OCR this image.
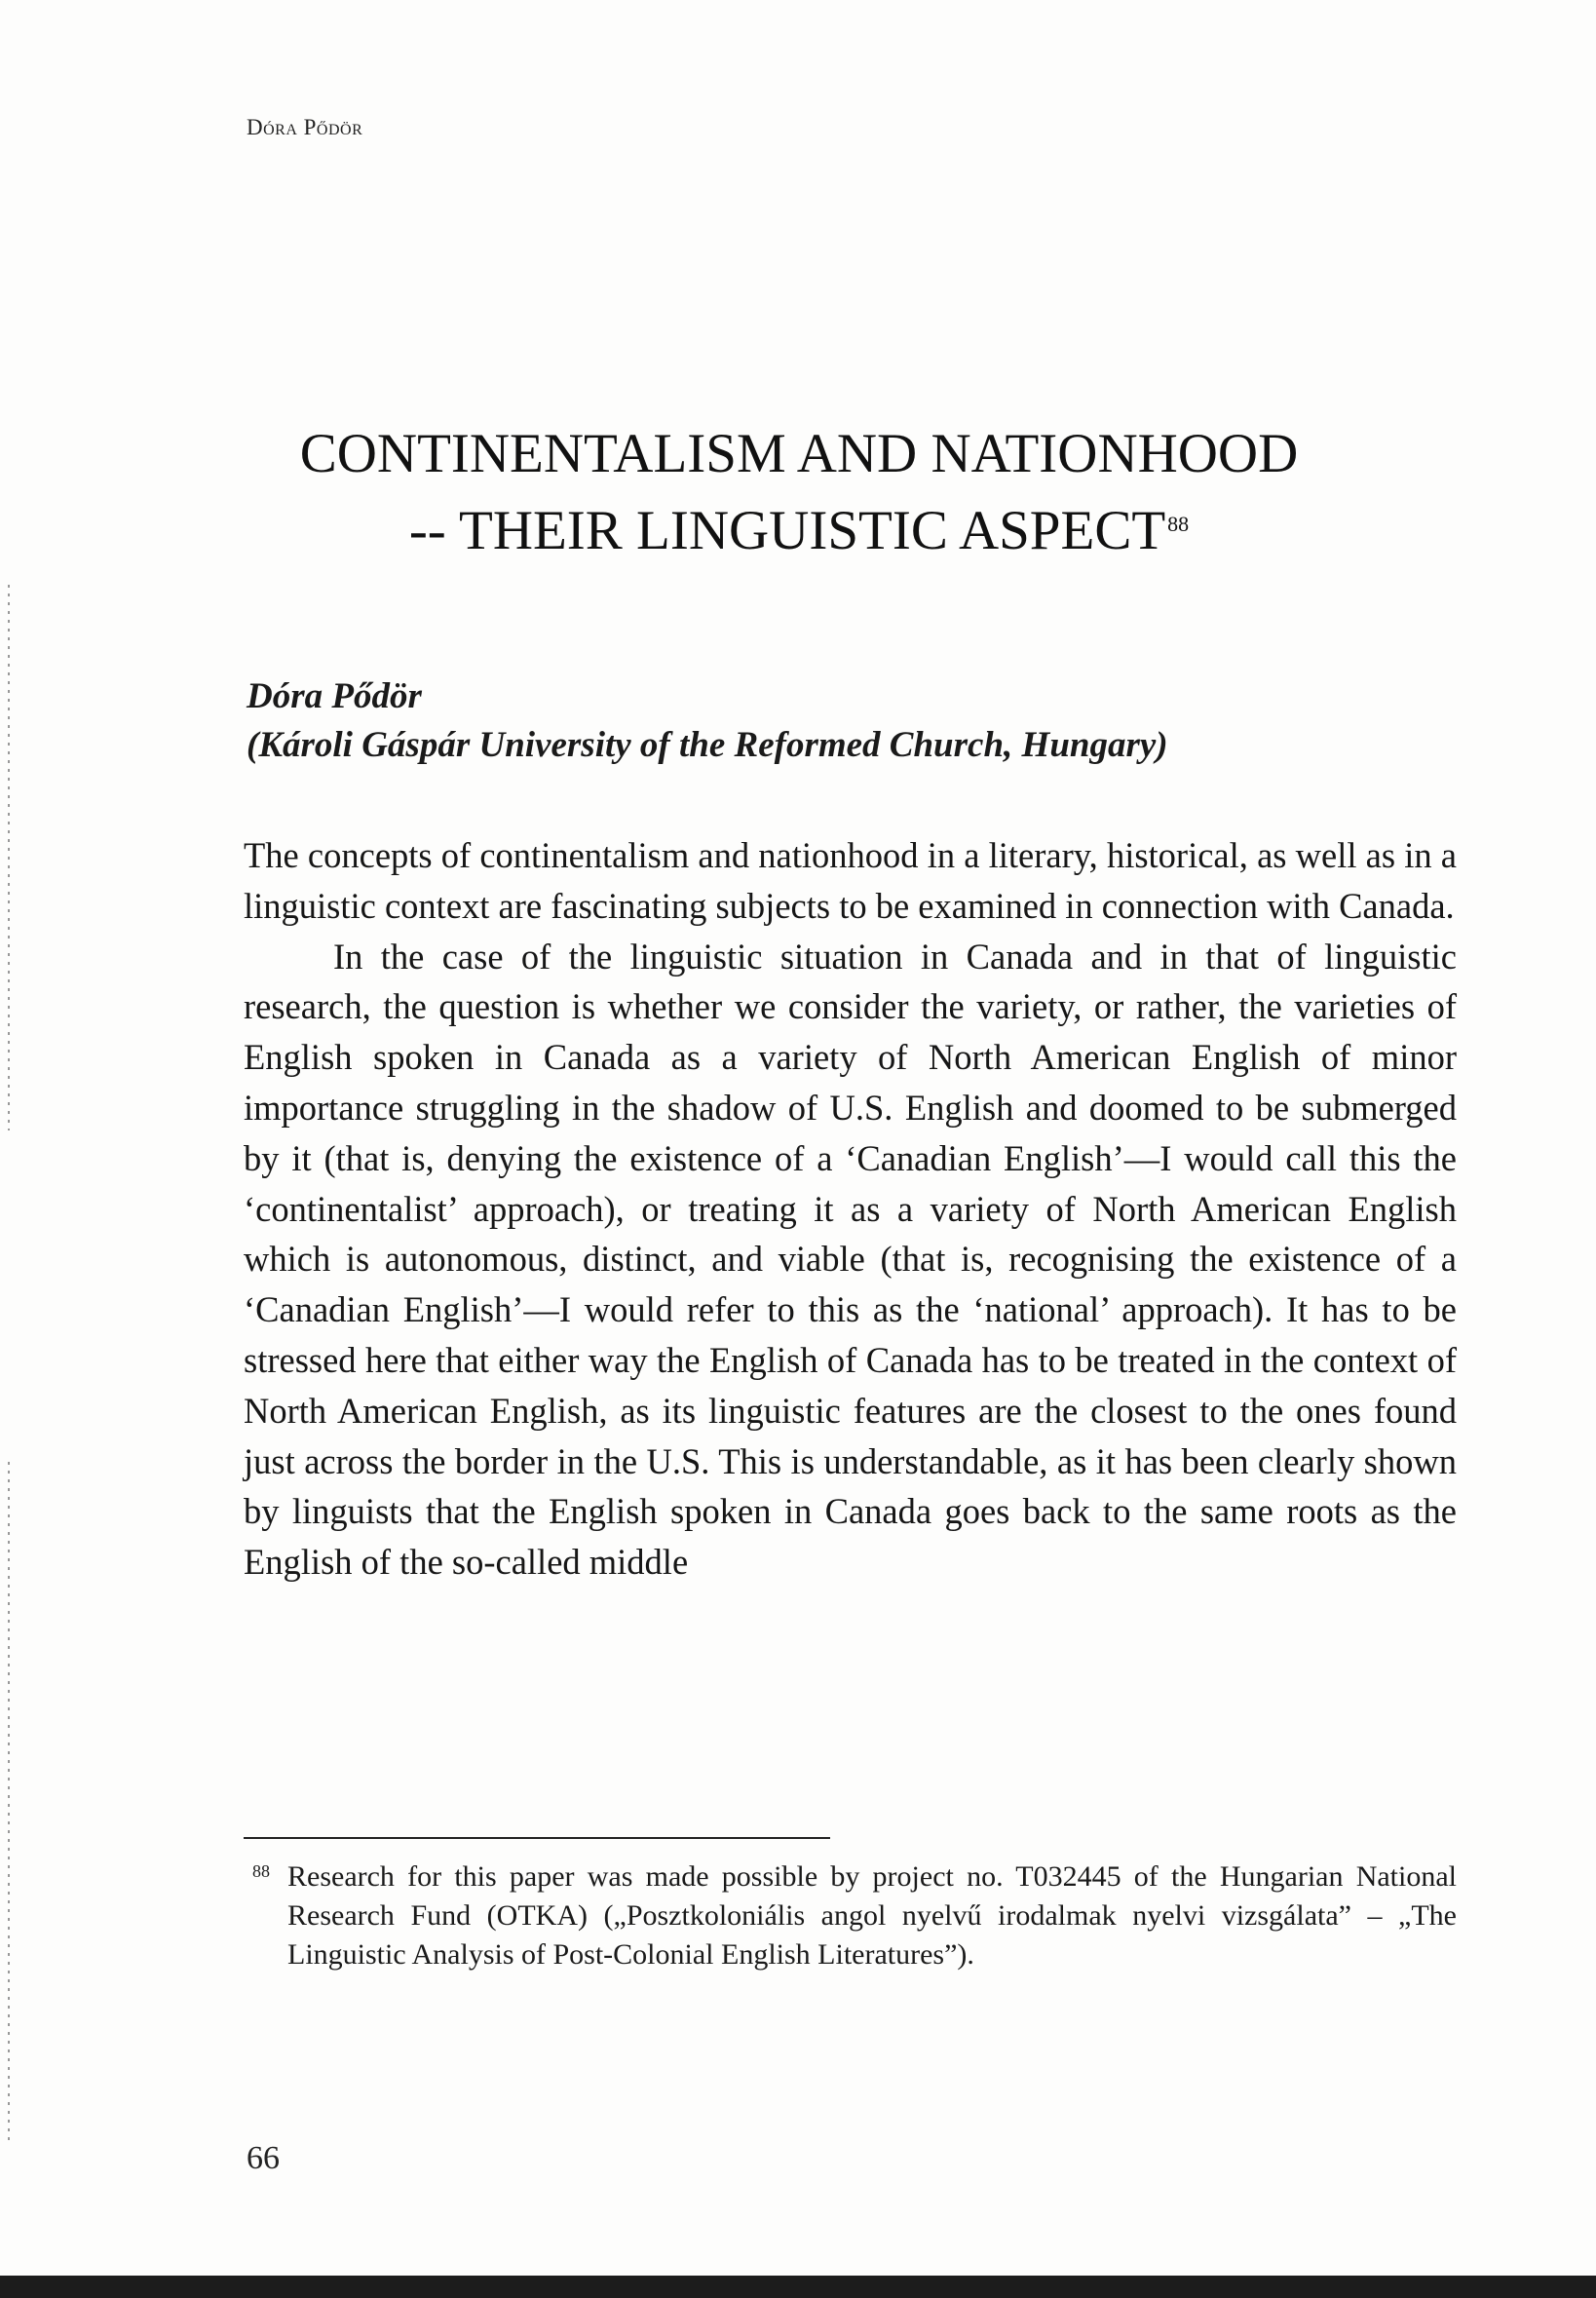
Dóra Pődör
CONTINENTALISM AND NATIONHOOD
-- THEIR LINGUISTIC ASPECT$^{88}$
Dóra Pődör
(Károli Gáspár University of the Reformed Church, Hungary)

The concepts of continentalism and nationhood in a literary, historical, as well as in a linguistic context are fascinating subjects to be examined in connection with Canada.

In the case of the linguistic situation in Canada and in that of linguistic research, the question is whether we consider the variety, or rather, the varieties of English spoken in Canada as a variety of North American English of minor importance struggling in the shadow of U.S. English and doomed to be submerged by it (that is, denying the existence of a ‘Canadian English’—I would call this the ‘continentalist’ approach), or treating it as a variety of North American English which is autonomous, distinct, and viable (that is, recognising the existence of a ‘Canadian English’—I would refer to this as the ‘national’ approach). It has to be stressed here that either way the English of Canada has to be treated in the context of North American English, as its linguistic features are the closest to the ones found just across the border in the U.S. This is understandable, as it has been clearly shown by linguists that the English spoken in Canada goes back to the same roots as the English of the so-called middle

88 Research for this paper was made possible by project no. T032445 of the Hungarian National Research Fund (OTKA) („Posztkoloniális angol nyelvű irodalmak nyelvi vizsgálata” – „The Linguistic Analysis of Post-Colonial English Literatures”).
66
